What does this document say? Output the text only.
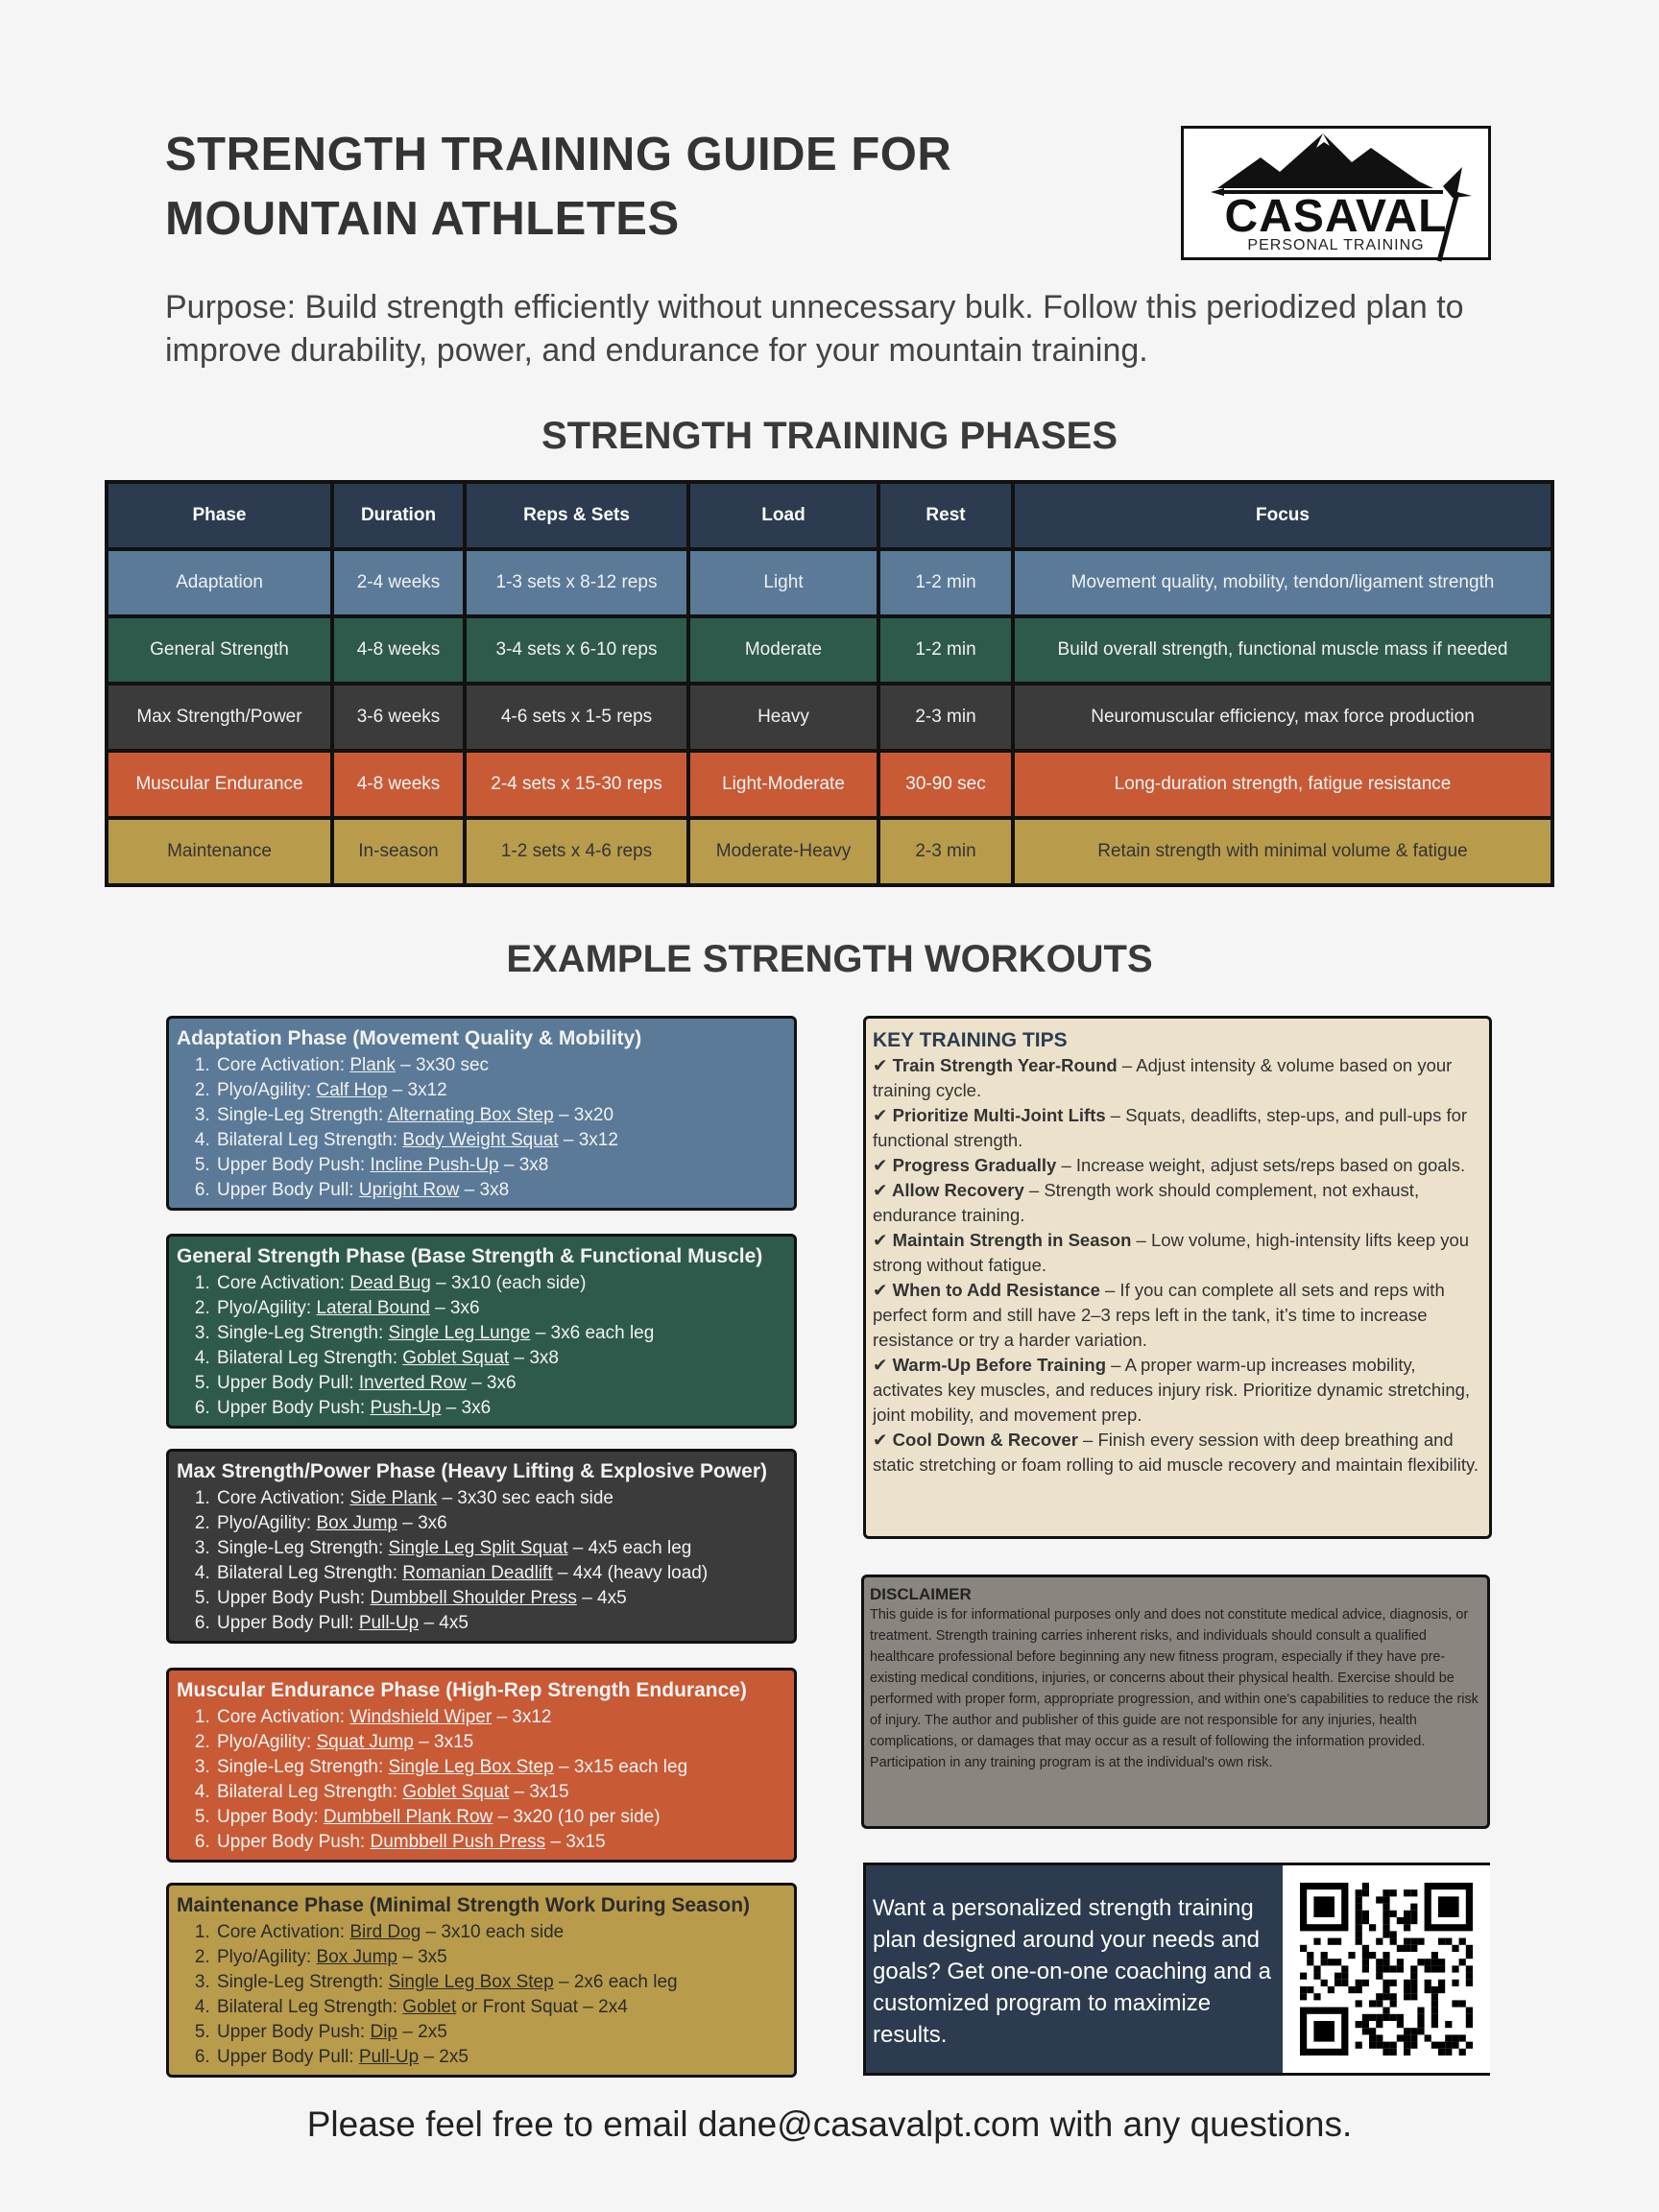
STRENGTH TRAINING GUIDE FOR MOUNTAIN ATHLETES	CASAVAL
PERSONAL TRAINING
Purpose: Build strength efficiently without unnecessary bulk. Follow this periodized plan to improve durability, power, and endurance for your mountain training.
STRENGTH TRAINING PHASES
Phase	Duration	Reps & Sets	Load	Rest	Focus
Adaptation	2-4 weeks	1-3 sets x 8-12 reps	Light	1-2 min	Movement quality, mobility, tendon/ligament strength
General Strength	4-8 weeks	3-4 sets x 6-10 reps	Moderate	1-2 min	Build overall strength, functional muscle mass if needed
Max Strength/Power	3-6 weeks	4-6 sets x 1-5 reps	Heavy	2-3 min	Neuromuscular efficiency, max force production
Muscular Endurance	4-8 weeks	2-4 sets x 15-30 reps	Light-Moderate	30-90 sec	Long-duration strength, fatigue resistance
Maintenance	In-season	1-2 sets x 4-6 reps	Moderate-Heavy	2-3 min	Retain strength with minimal volume & fatigue
EXAMPLE STRENGTH WORKOUTS
Adaptation Phase (Movement Quality & Mobility)
1. Core Activation: Plank – 3x30 sec
2. Plyo/Agility: Calf Hop – 3x12
3. Single-Leg Strength: Alternating Box Step – 3x20
4. Bilateral Leg Strength: Body Weight Squat – 3x12
5. Upper Body Push: Incline Push-Up – 3x8
6. Upper Body Pull: Upright Row – 3x8
General Strength Phase (Base Strength & Functional Muscle)
1. Core Activation: Dead Bug – 3x10 (each side)
2. Plyo/Agility: Lateral Bound – 3x6
3. Single-Leg Strength: Single Leg Lunge – 3x6 each leg
4. Bilateral Leg Strength: Goblet Squat – 3x8
5. Upper Body Pull: Inverted Row – 3x6
6. Upper Body Push: Push-Up – 3x6
Max Strength/Power Phase (Heavy Lifting & Explosive Power)
1. Core Activation: Side Plank – 3x30 sec each side
2. Plyo/Agility: Box Jump – 3x6
3. Single-Leg Strength: Single Leg Split Squat – 4x5 each leg
4. Bilateral Leg Strength: Romanian Deadlift – 4x4 (heavy load)
5. Upper Body Push: Dumbbell Shoulder Press – 4x5
6. Upper Body Pull: Pull-Up – 4x5
Muscular Endurance Phase (High-Rep Strength Endurance)
1. Core Activation: Windshield Wiper – 3x12
2. Plyo/Agility: Squat Jump – 3x15
3. Single-Leg Strength: Single Leg Box Step – 3x15 each leg
4. Bilateral Leg Strength: Goblet Squat – 3x15
5. Upper Body: Dumbbell Plank Row – 3x20 (10 per side)
6. Upper Body Push: Dumbbell Push Press – 3x15
Maintenance Phase (Minimal Strength Work During Season)
1. Core Activation: Bird Dog – 3x10 each side
2. Plyo/Agility: Box Jump – 3x5
3. Single-Leg Strength: Single Leg Box Step – 2x6 each leg
4. Bilateral Leg Strength: Goblet or Front Squat – 2x4
5. Upper Body Push: Dip – 2x5
6. Upper Body Pull: Pull-Up – 2x5
KEY TRAINING TIPS

✔ Train Strength Year-Round – Adjust intensity & volume based on your training cycle.

✔ Prioritize Multi-Joint Lifts – Squats, deadlifts, step-ups, and pull-ups for functional strength.

✔ Progress Gradually – Increase weight, adjust sets/reps based on goals.

✔ Allow Recovery – Strength work should complement, not exhaust, endurance training.

✔ Maintain Strength in Season – Low volume, high-intensity lifts keep you strong without fatigue.

✔ When to Add Resistance – If you can complete all sets and reps with perfect form and still have 2–3 reps left in the tank, it’s time to increase resistance or try a harder variation.

✔ Warm-Up Before Training – A proper warm-up increases mobility, activates key muscles, and reduces injury risk. Prioritize dynamic stretching, joint mobility, and movement prep.

✔ Cool Down & Recover – Finish every session with deep breathing and static stretching or foam rolling to aid muscle recovery and maintain flexibility.

DISCLAIMER

This guide is for informational purposes only and does not constitute medical advice, diagnosis, or treatment. Strength training carries inherent risks, and individuals should consult a qualified healthcare professional before beginning any new fitness program, especially if they have pre-existing medical conditions, injuries, or concerns about their physical health. Exercise should be performed with proper form, appropriate progression, and within one's capabilities to reduce the risk of injury. The author and publisher of this guide are not responsible for any injuries, health complications, or damages that may occur as a result of following the information provided. Participation in any training program is at the individual's own risk.

Want a personalized strength training plan designed around your needs and goals? Get one-on-one coaching and a customized program to maximize results.
Please feel free to email dane@casavalpt.com with any questions.
